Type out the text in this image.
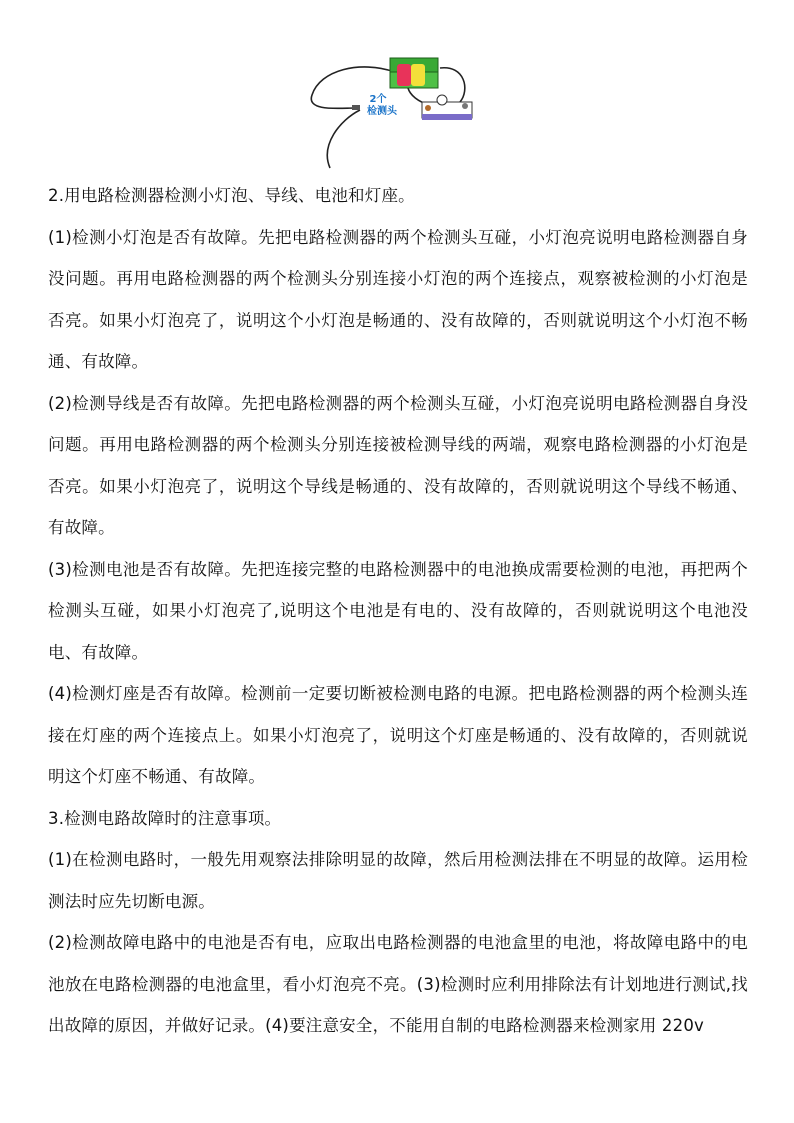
2个
检测头

2.用电路检测器检测小灯泡、导线、电池和灯座。

(1)检测小灯泡是否有故障。先把电路检测器的两个检测头互碰，小灯泡亮说明电路检测器自身没问题。再用电路检测器的两个检测头分别连接小灯泡的两个连接点，观察被检测的小灯泡是否亮。如果小灯泡亮了，说明这个小灯泡是畅通的、没有故障的，否则就说明这个小灯泡不畅通、有故障。

(2)检测导线是否有故障。先把电路检测器的两个检测头互碰，小灯泡亮说明电路检测器自身没问题。再用电路检测器的两个检测头分别连接被检测导线的两端，观察电路检测器的小灯泡是否亮。如果小灯泡亮了，说明这个导线是畅通的、没有故障的，否则就说明这个导线不畅通、有故障。

(3)检测电池是否有故障。先把连接完整的电路检测器中的电池换成需要检测的电池，再把两个检测头互碰，如果小灯泡亮了,说明这个电池是有电的、没有故障的，否则就说明这个电池没电、有故障。

(4)检测灯座是否有故障。检测前一定要切断被检测电路的电源。把电路检测器的两个检测头连接在灯座的两个连接点上。如果小灯泡亮了，说明这个灯座是畅通的、没有故障的，否则就说明这个灯座不畅通、有故障。

3.检测电路故障时的注意事项。

(1)在检测电路时，一般先用观察法排除明显的故障，然后用检测法排在不明显的故障。运用检测法时应先切断电源。

(2)检测故障电路中的电池是否有电，应取出电路检测器的电池盒里的电池，将故障电路中的电池放在电路检测器的电池盒里，看小灯泡亮不亮。(3)检测时应利用排除法有计划地进行测试,找出故障的原因，并做好记录。(4)要注意安全，不能用自制的电路检测器来检测家用 220v
